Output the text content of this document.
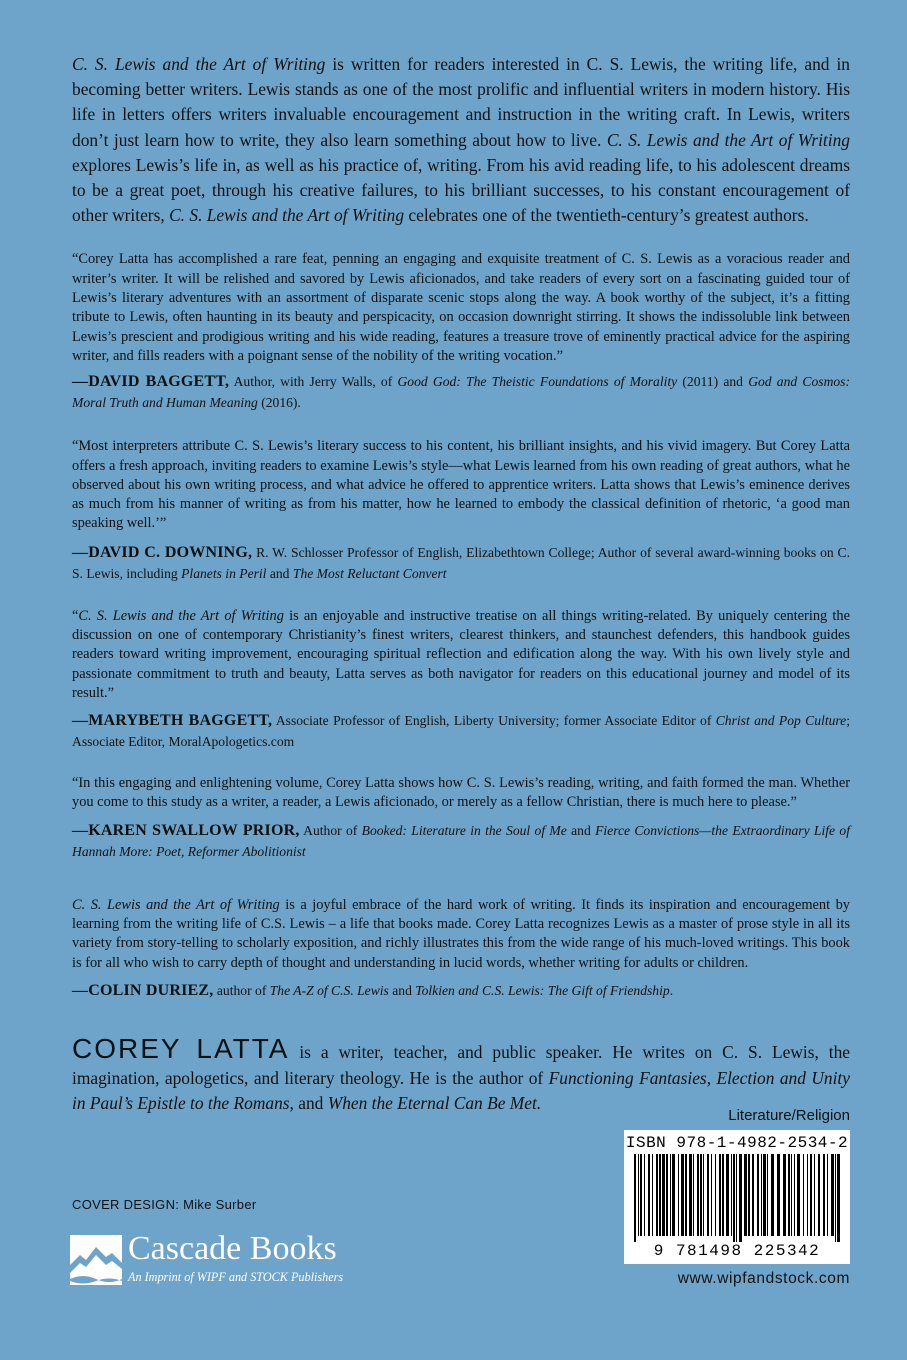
C. S. Lewis and the Art of Writing is written for readers interested in C. S. Lewis, the writing life, and in becoming better writers. Lewis stands as one of the most prolific and influential writers in modern history. His life in letters offers writers invaluable encouragement and instruction in the writing craft. In Lewis, writers don’t just learn how to write, they also learn something about how to live. C. S. Lewis and the Art of Writing explores Lewis’s life in, as well as his practice of, writing. From his avid reading life, to his adolescent dreams to be a great poet, through his creative failures, to his brilliant successes, to his constant encouragement of other writers, C. S. Lewis and the Art of Writing celebrates one of the twentieth-century’s greatest authors.

“Corey Latta has accomplished a rare feat, penning an engaging and exquisite treatment of C. S. Lewis as a voracious reader and writer’s writer. It will be relished and savored by Lewis aficionados, and take readers of every sort on a fascinating guided tour of Lewis’s literary adventures with an assortment of disparate scenic stops along the way. A book worthy of the subject, it’s a fitting tribute to Lewis, often haunting in its beauty and perspicacity, on occasion downright stirring. It shows the indissoluble link between Lewis’s prescient and prodigious writing and his wide reading, features a treasure trove of eminently practical advice for the aspiring writer, and fills readers with a poignant sense of the nobility of the writing vocation.”

—DAVID BAGGETT, Author, with Jerry Walls, of Good God: The Theistic Foundations of Morality (2011) and God and Cosmos: Moral Truth and Human Meaning (2016).

“Most interpreters attribute C. S. Lewis’s literary success to his content, his brilliant insights, and his vivid imagery. But Corey Latta offers a fresh approach, inviting readers to examine Lewis’s style—what Lewis learned from his own reading of great authors, what he observed about his own writing process, and what advice he offered to apprentice writers. Latta shows that Lewis’s eminence derives as much from his manner of writing as from his matter, how he learned to embody the classical definition of rhetoric, ‘a good man speaking well.’”

—DAVID C. DOWNING, R. W. Schlosser Professor of English, Elizabethtown College; Author of several award-winning books on C. S. Lewis, including Planets in Peril and The Most Reluctant Convert

“C. S. Lewis and the Art of Writing is an enjoyable and instructive treatise on all things writing-related. By uniquely centering the discussion on one of contemporary Christianity’s finest writers, clearest thinkers, and staunchest defenders, this handbook guides readers toward writing improvement, encouraging spiritual reflection and edification along the way. With his own lively style and passionate commitment to truth and beauty, Latta serves as both navigator for readers on this educational journey and model of its result.”

—MARYBETH BAGGETT, Associate Professor of English, Liberty University; former Associate Editor of Christ and Pop Culture; Associate Editor, MoralApologetics.com

“In this engaging and enlightening volume, Corey Latta shows how C. S. Lewis’s reading, writing, and faith formed the man. Whether you come to this study as a writer, a reader, a Lewis aficionado, or merely as a fellow Christian, there is much here to please.”

—KAREN SWALLOW PRIOR, Author of Booked: Literature in the Soul of Me and Fierce Convictions—the Extraordinary Life of Hannah More: Poet, Reformer Abolitionist

C. S. Lewis and the Art of Writing is a joyful embrace of the hard work of writing. It finds its inspiration and encouragement by learning from the writing life of C.S. Lewis – a life that books made. Corey Latta recognizes Lewis as a master of prose style in all its variety from story-telling to scholarly exposition, and richly illustrates this from the wide range of his much-loved writings. This book is for all who wish to carry depth of thought and understanding in lucid words, whether writing for adults or children.

—COLIN DURIEZ, author of The A-Z of C.S. Lewis and Tolkien and C.S. Lewis: The Gift of Friendship.

COREY LATTA is a writer, teacher, and public speaker. He writes on C. S. Lewis, the imagination, apologetics, and literary theology. He is the author of Functioning Fantasies, Election and Unity in Paul’s Epistle to the Romans, and When the Eternal Can Be Met.

Literature/Religion
ISBN 978-1-4982-2534-2
9 781498 225342
www.wipfandstock.com
COVER DESIGN: Mike Surber
Cascade Books
An Imprint of WIPF and STOCK Publishers
